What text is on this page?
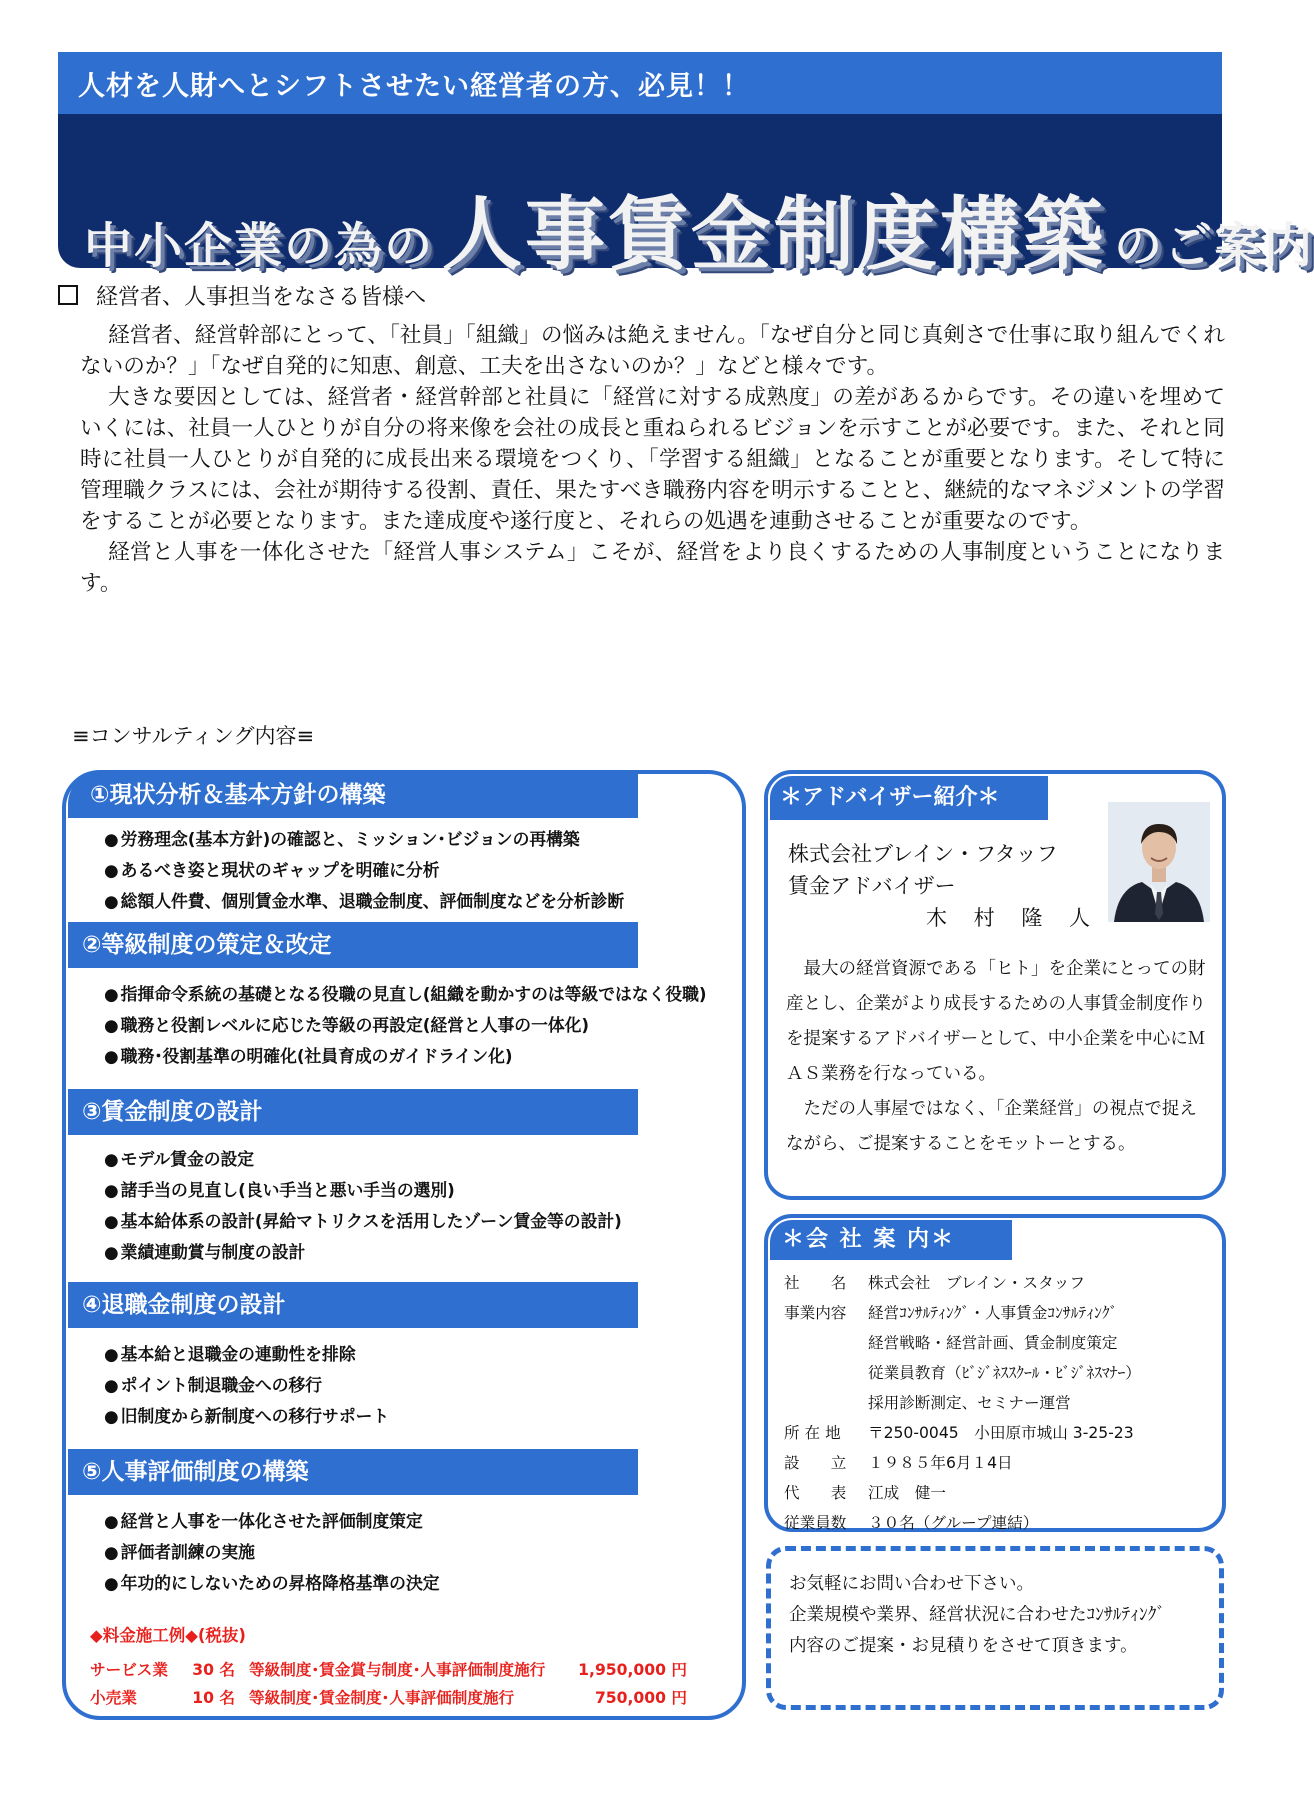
人材を人財へとシフトさせたい経営者の方、必見！！
中小企業の為の 人事賃金制度構築 のご案内
経営者、人事担当をなさる皆様へ

経営者、経営幹部にとって、「社員」「組織」の悩みは絶えません。「なぜ自分と同じ真剣さで仕事に取り組んでくれないのか？」「なぜ自発的に知恵、創意、工夫を出さないのか？」などと様々です。

大きな要因としては、経営者・経営幹部と社員に「経営に対する成熟度」の差があるからです。その違いを埋めていくには、社員一人ひとりが自分の将来像を会社の成長と重ねられるビジョンを示すことが必要です。また、それと同時に社員一人ひとりが自発的に成長出来る環境をつくり、「学習する組織」となることが重要となります。そして特に管理職クラスには、会社が期待する役割、責任、果たすべき職務内容を明示することと、継続的なマネジメントの学習をすることが必要となります。また達成度や遂行度と、それらの処遇を連動させることが重要なのです。

経営と人事を一体化させた「経営人事システム」こそが、経営をより良くするための人事制度ということになります。

≡コンサルティング内容≡

①現状分析＆基本方針の構築
● 労務理念(基本方針)の確認と、ミッション･ビジョンの再構築
● あるべき姿と現状のギャップを明確に分析
● 総額人件費、個別賃金水準、退職金制度、評価制度などを分析診断
②等級制度の策定＆改定
● 指揮命令系統の基礎となる役職の見直し(組織を動かすのは等級ではなく役職)
● 職務と役割レベルに応じた等級の再設定(経営と人事の一体化)
● 職務･役割基準の明確化(社員育成のガイドライン化)
③賃金制度の設計
● モデル賃金の設定
● 諸手当の見直し(良い手当と悪い手当の選別)
● 基本給体系の設計(昇給マトリクスを活用したゾーン賃金等の設計)
● 業績連動賞与制度の設計
④退職金制度の設計
● 基本給と退職金の連動性を排除
● ポイント制退職金への移行
● 旧制度から新制度への移行サポート
⑤人事評価制度の構築
● 経営と人事を一体化させた評価制度策定
● 評価者訓練の実施
● 年功的にしないための昇格降格基準の決定

◆料金施工例◆(税抜)

サービス業	30 名 等級制度･賃金賞与制度･人事評価制度施行	1,950,000 円
小売業	10 名 等級制度･賃金制度･人事評価制度施行	750,000 円
＊アドバイザー紹介＊
株式会社ブレイン・フタッフ
賃金アドバイザー
木 村 隆 人

最大の経営資源である「ヒト」を企業にとっての財産とし、企業がより成長するための人事賃金制度作りを提案するアドバイザーとして、中小企業を中心にＭＡＳ業務を行なっている。

ただの人事屋ではなく、「企業経営」の視点で捉えながら、ご提案することをモットーとする。

＊会 社 案 内＊
社　　名	株式会社　ブレイン・スタッフ
事業内容	経営ｺﾝｻﾙﾃｨﾝｸﾞ・人事賃金ｺﾝｻﾙﾃｨﾝｸﾞ
経営戦略・経営計画、賃金制度策定
従業員教育（ﾋﾞｼﾞﾈｽｽｸｰﾙ・ﾋﾞｼﾞﾈｽﾏﾅｰ）
採用診断測定、セミナー運営
所 在 地	〒250-0045　小田原市城山 3-25-23
設　　立	１９８５年6月１4日
代　　表	江成　健一
従業員数	３０名（グループ連結）
お気軽にお問い合わせ下さい。
企業規模や業界、経営状況に合わせたｺﾝｻﾙﾃｨﾝｸﾞ
内容のご提案・お見積りをさせて頂きます。
